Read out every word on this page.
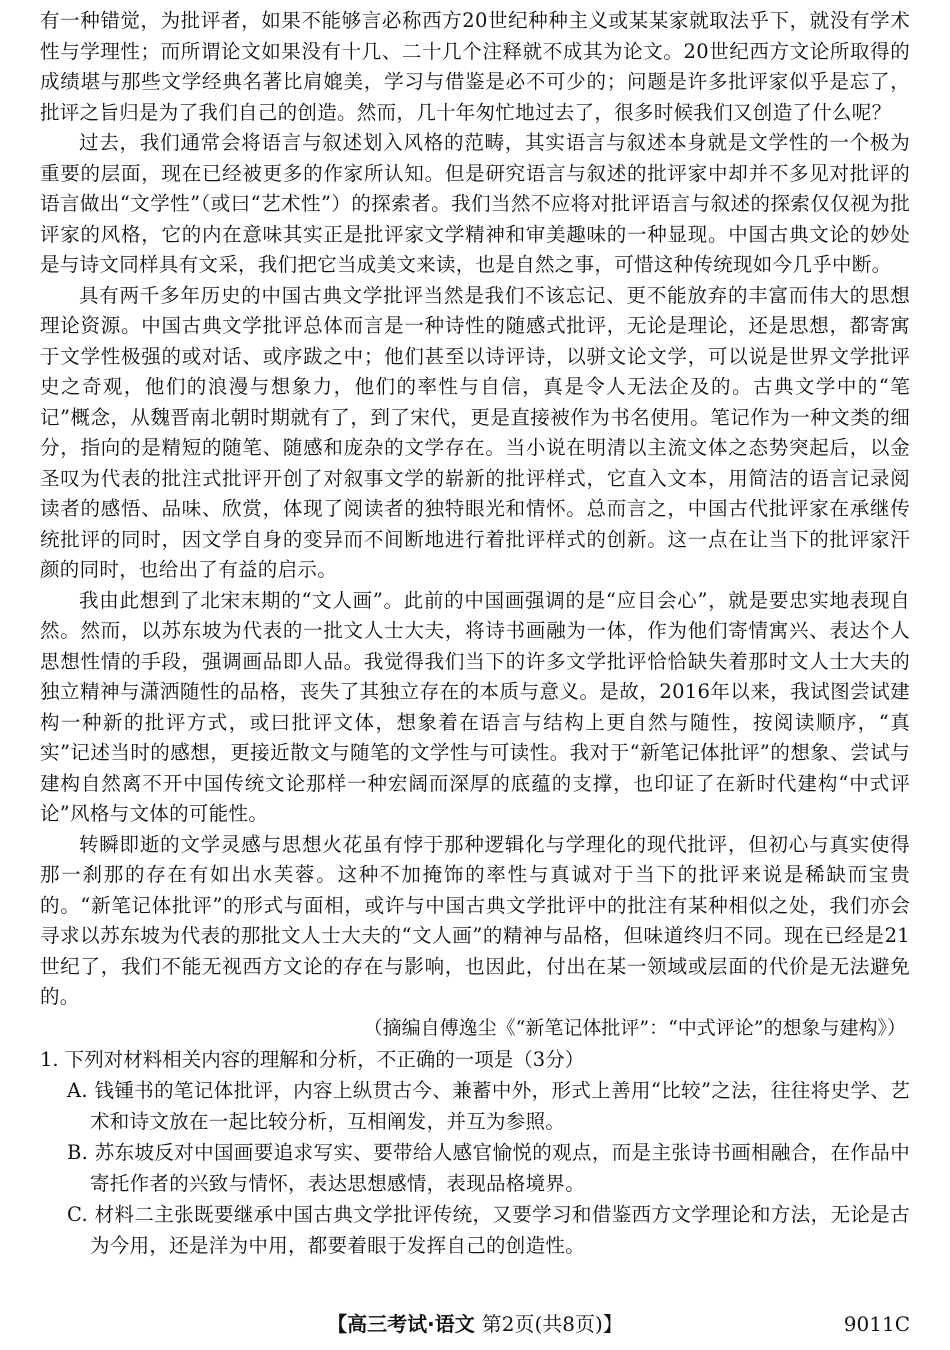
有一种错觉，为批评者，如果不能够言必称西方20世纪种种主义或某某家就取法乎下，就没有学术性与学理性；而所谓论文如果没有十几、二十几个注释就不成其为论文。20世纪西方文论所取得的成绩堪与那些文学经典名著比肩媲美，学习与借鉴是必不可少的；问题是许多批评家似乎是忘了，批评之旨归是为了我们自己的创造。然而，几十年匆忙地过去了，很多时候我们又创造了什么呢？

过去，我们通常会将语言与叙述划入风格的范畴，其实语言与叙述本身就是文学性的一个极为重要的层面，现在已经被更多的作家所认知。但是研究语言与叙述的批评家中却并不多见对批评的语言做出“文学性”（或曰“艺术性”）的探索者。我们当然不应将对批评语言与叙述的探索仅仅视为批评家的风格，它的内在意味其实正是批评家文学精神和审美趣味的一种显现。中国古典文论的妙处是与诗文同样具有文采，我们把它当成美文来读，也是自然之事，可惜这种传统现如今几乎中断。

具有两千多年历史的中国古典文学批评当然是我们不该忘记、更不能放弃的丰富而伟大的思想理论资源。中国古典文学批评总体而言是一种诗性的随感式批评，无论是理论，还是思想，都寄寓于文学性极强的或对话、或序跋之中；他们甚至以诗评诗，以骈文论文学，可以说是世界文学批评史之奇观，他们的浪漫与想象力，他们的率性与自信，真是令人无法企及的。古典文学中的“笔记”概念，从魏晋南北朝时期就有了，到了宋代，更是直接被作为书名使用。笔记作为一种文类的细分，指向的是精短的随笔、随感和庞杂的文学存在。当小说在明清以主流文体之态势突起后，以金圣叹为代表的批注式批评开创了对叙事文学的崭新的批评样式，它直入文本，用简洁的语言记录阅读者的感悟、品味、欣赏，体现了阅读者的独特眼光和情怀。总而言之，中国古代批评家在承继传统批评的同时，因文学自身的变异而不间断地进行着批评样式的创新。这一点在让当下的批评家汗颜的同时，也给出了有益的启示。

我由此想到了北宋末期的“文人画”。此前的中国画强调的是“应目会心”，就是要忠实地表现自然。然而，以苏东坡为代表的一批文人士大夫，将诗书画融为一体，作为他们寄情寓兴、表达个人思想性情的手段，强调画品即人品。我觉得我们当下的许多文学批评恰恰缺失着那时文人士大夫的独立精神与潇洒随性的品格，丧失了其独立存在的本质与意义。是故，2016年以来，我试图尝试建构一种新的批评方式，或曰批评文体，想象着在语言与结构上更自然与随性，按阅读顺序，“真实”记述当时的感想，更接近散文与随笔的文学性与可读性。我对于“新笔记体批评”的想象、尝试与建构自然离不开中国传统文论那样一种宏阔而深厚的底蕴的支撑，也印证了在新时代建构“中式评论”风格与文体的可能性。

转瞬即逝的文学灵感与思想火花虽有悖于那种逻辑化与学理化的现代批评，但初心与真实使得那一刹那的存在有如出水芙蓉。这种不加掩饰的率性与真诚对于当下的批评来说是稀缺而宝贵的。“新笔记体批评”的形式与面相，或许与中国古典文学批评中的批注有某种相似之处，我们亦会寻求以苏东坡为代表的那批文人士大夫的“文人画”的精神与品格，但味道终归不同。现在已经是21世纪了，我们不能无视西方文论的存在与影响，也因此，付出在某一领域或层面的代价是无法避免的。

（摘编自傅逸尘《“新笔记体批评”：“中式评论”的想象与建构》）

1. 下列对材料相关内容的理解和分析，不正确的一项是（3分）

A. 钱锺书的笔记体批评，内容上纵贯古今、兼蓄中外，形式上善用“比较”之法，往往将史学、艺术和诗文放在一起比较分析，互相阐发，并互为参照。

B. 苏东坡反对中国画要追求写实、要带给人感官愉悦的观点，而是主张诗书画相融合，在作品中寄托作者的兴致与情怀，表达思想感情，表现品格境界。

C. 材料二主张既要继承中国古典文学批评传统，又要学习和借鉴西方文学理论和方法，无论是古为今用，还是洋为中用，都要着眼于发挥自己的创造性。

【高三考试·语文 第2页(共8页)】	9011C
